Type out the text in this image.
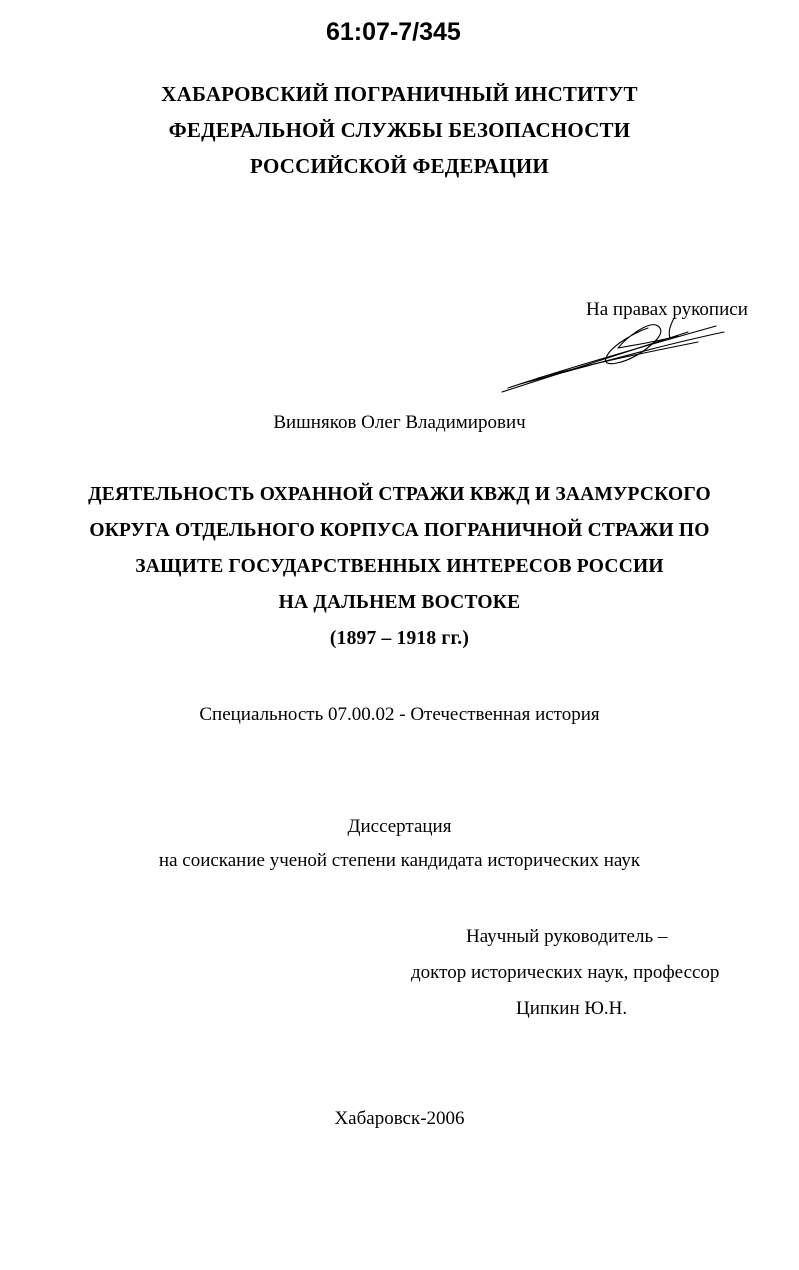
61:07-7/345

ХАБАРОВСКИЙ ПОГРАНИЧНЫЙ ИНСТИТУТ

ФЕДЕРАЛЬНОЙ СЛУЖБЫ БЕЗОПАСНОСТИ

РОССИЙСКОЙ ФЕДЕРАЦИИ

На правах рукописи

Вишняков Олег Владимирович

ДЕЯТЕЛЬНОСТЬ ОХРАННОЙ СТРАЖИ КВЖД И ЗААМУРСКОГО

ОКРУГА ОТДЕЛЬНОГО КОРПУСА ПОГРАНИЧНОЙ СТРАЖИ ПО

ЗАЩИТЕ ГОСУДАРСТВЕННЫХ ИНТЕРЕСОВ РОССИИ

НА ДАЛЬНЕМ ВОСТОКЕ

(1897 – 1918 гг.)

Специальность 07.00.02 - Отечественная история

Диссертация

на соискание ученой степени кандидата исторических наук

Научный руководитель –

доктор исторических наук, профессор

Ципкин Ю.Н.

Хабаровск-2006
